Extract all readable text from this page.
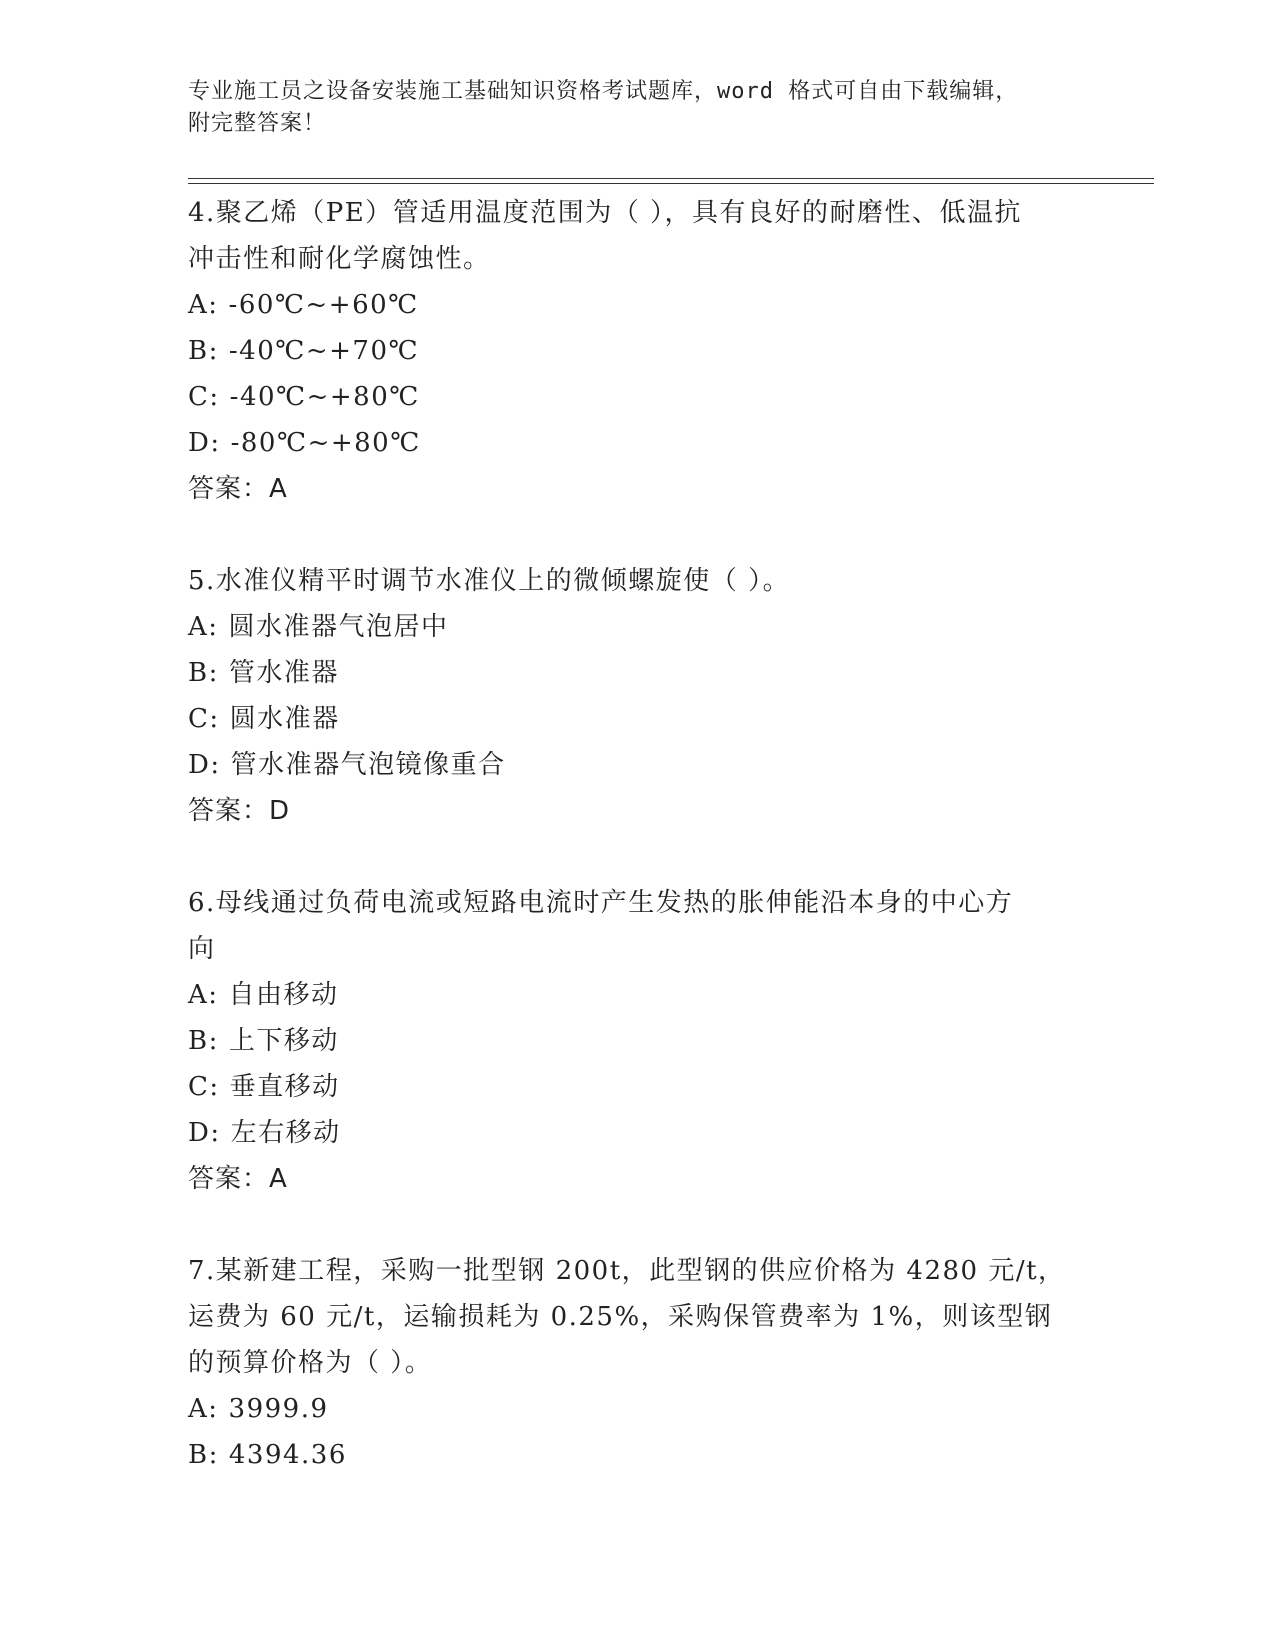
专业施工员之设备安装施工基础知识资格考试题库，word 格式可自由下载编辑，
附完整答案！
4.聚乙烯（PE）管适用温度范围为（ ），具有良好的耐磨性、低温抗
冲击性和耐化学腐蚀性。
A: -60℃~+60℃
B: -40℃~+70℃
C: -40℃~+80℃
D: -80℃~+80℃
答案：A
5.水准仪精平时调节水准仪上的微倾螺旋使（ ）。
A: 圆水准器气泡居中
B: 管水准器
C: 圆水准器
D: 管水准器气泡镜像重合
答案：D
6.母线通过负荷电流或短路电流时产生发热的胀伸能沿本身的中心方
向
A: 自由移动
B: 上下移动
C: 垂直移动
D: 左右移动
答案：A
7.某新建工程，采购一批型钢 200t，此型钢的供应价格为 4280 元/t，
运费为 60 元/t，运输损耗为 0.25%，采购保管费率为 1%，则该型钢
的预算价格为（ ）。
A: 3999.9
B: 4394.36
